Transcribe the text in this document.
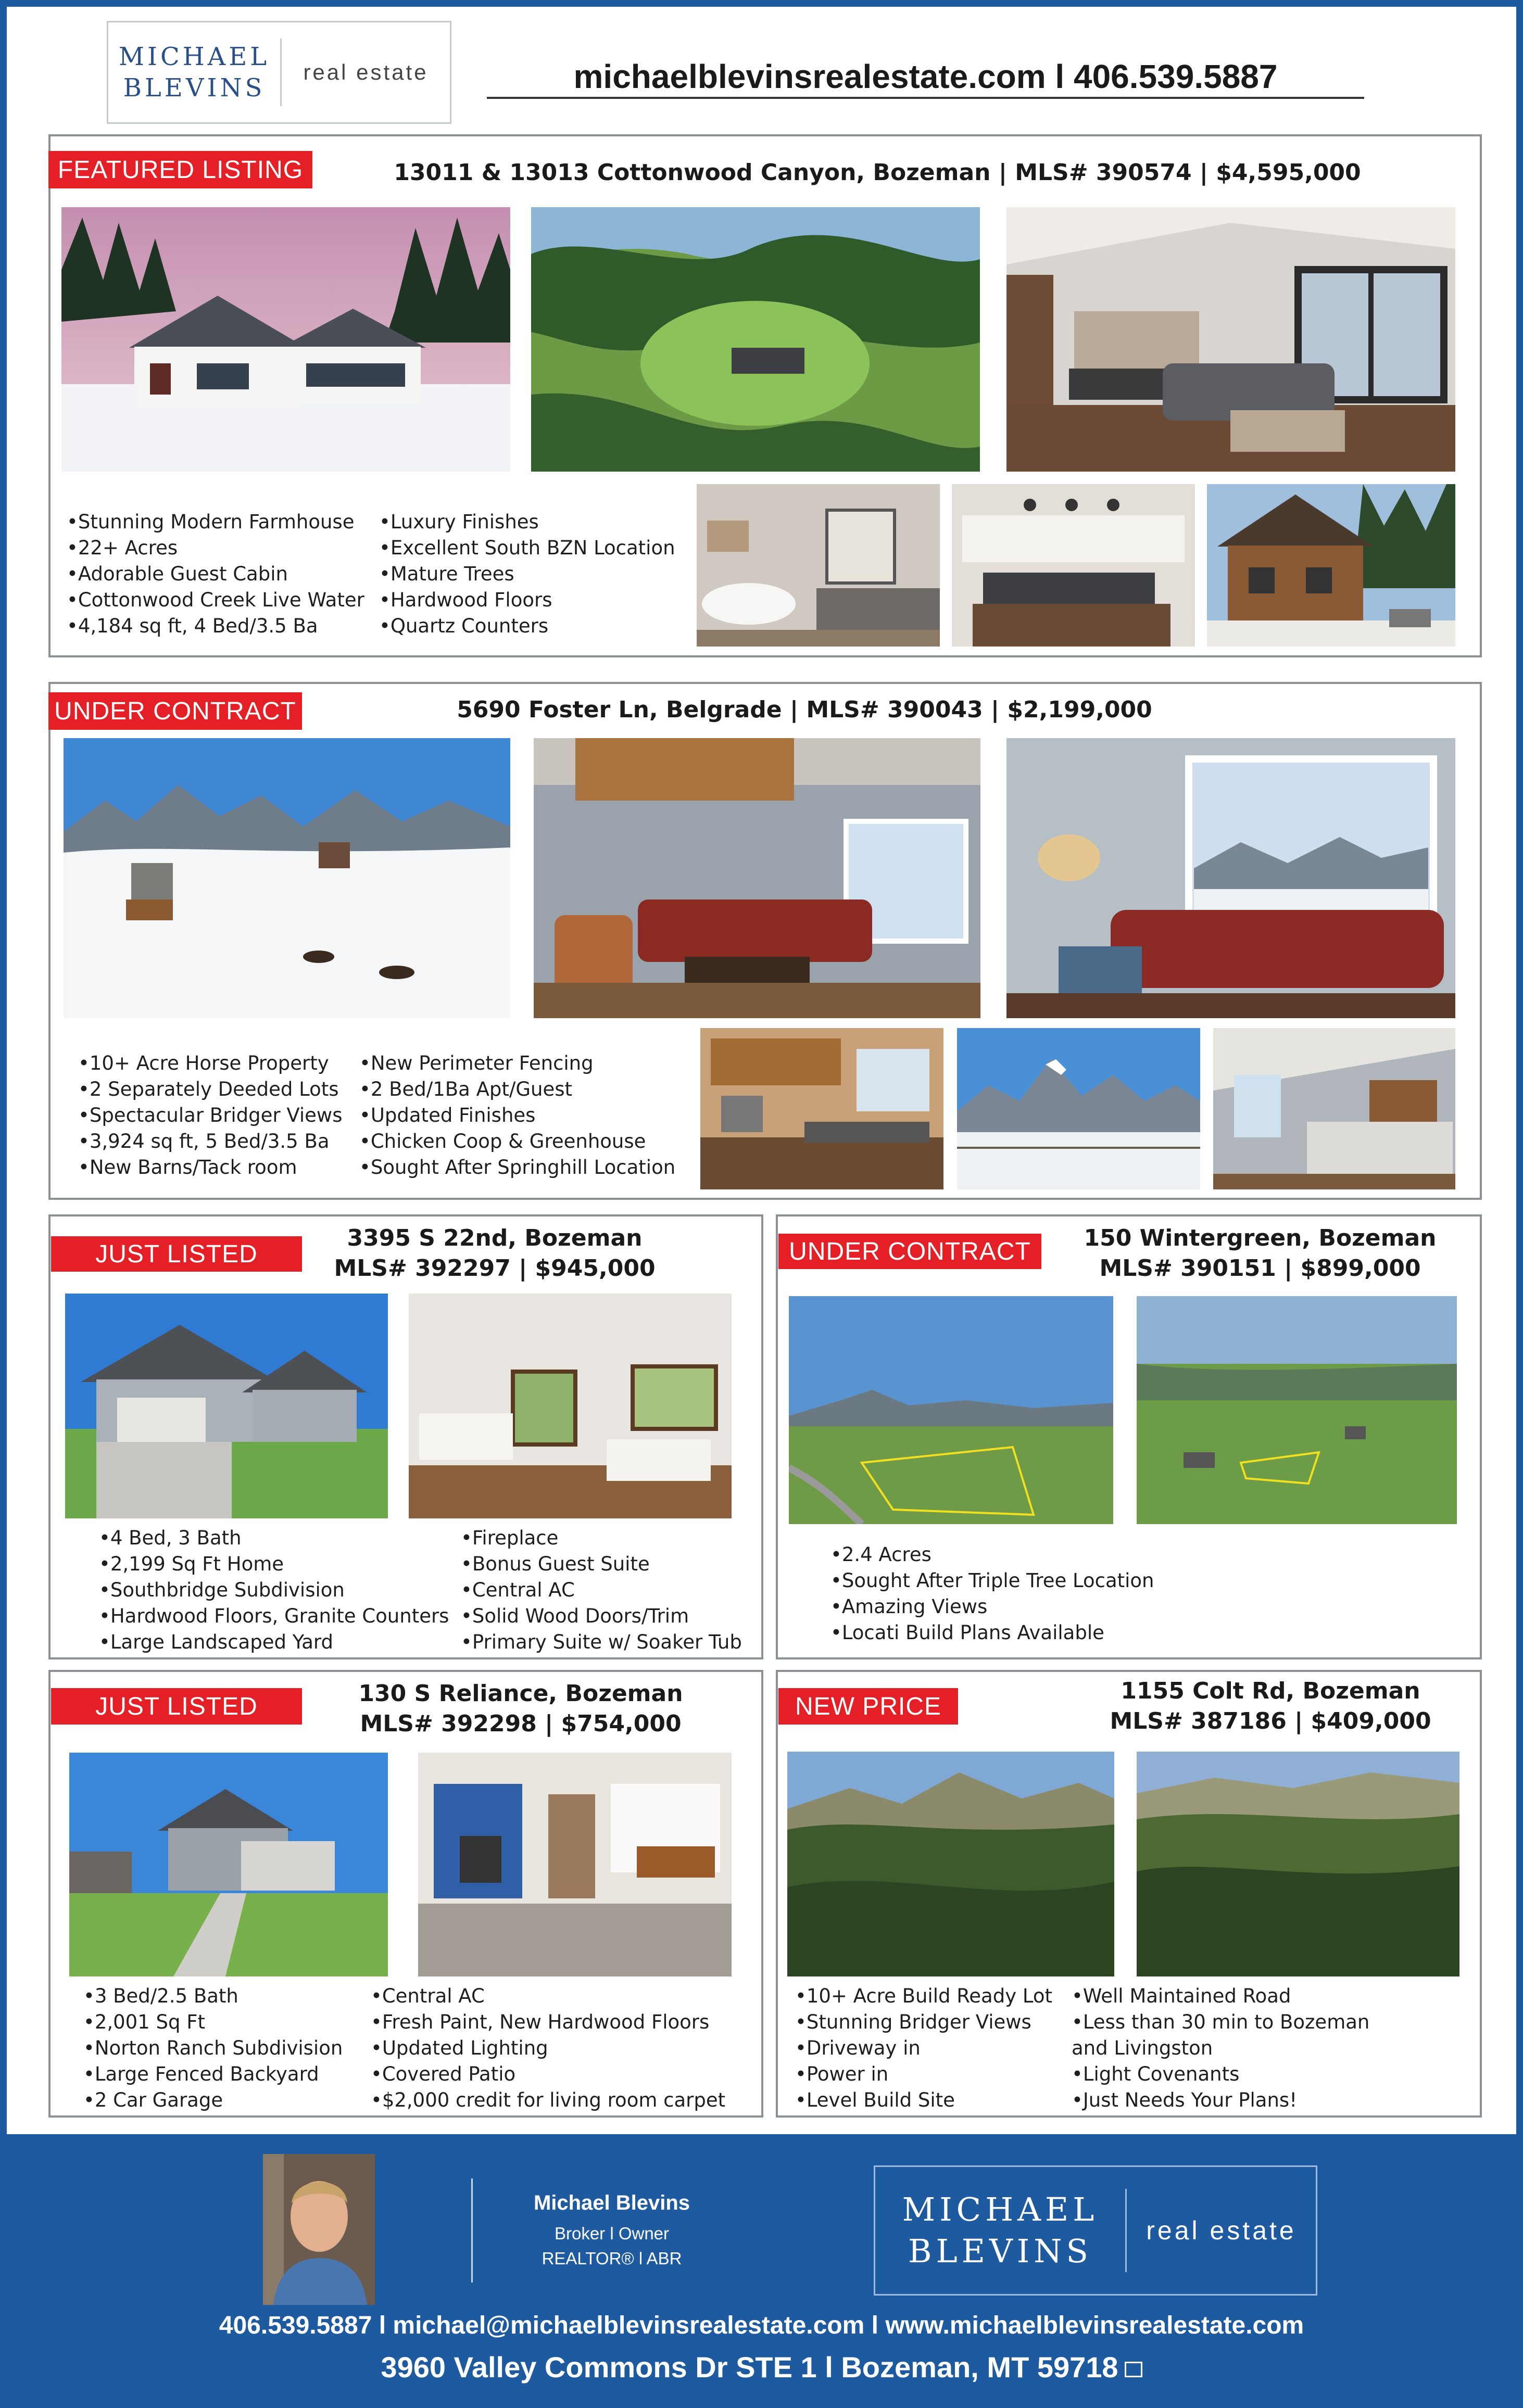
MICHAEL
BLEVINS
real estate	michaelblevinsrealestate.com l 406.539.5887
FEATURED LISTING	13011 & 13013 Cottonwood Canyon, Bozeman | MLS# 390574 | $4,595,000
• Stunning Modern Farmhouse
• 22+ Acres
• Adorable Guest Cabin
• Cottonwood Creek Live Water
• 4,184 sq ft, 4 Bed/3.5 Ba
• Luxury Finishes
• Excellent South BZN Location
• Mature Trees
• Hardwood Floors
• Quartz Counters
UNDER CONTRACT	5690 Foster Ln, Belgrade | MLS# 390043 | $2,199,000
• 10+ Acre Horse Property
• 2 Separately Deeded Lots
• Spectacular Bridger Views
• 3,924 sq ft, 5 Bed/3.5 Ba
• New Barns/Tack room
• New Perimeter Fencing
• 2 Bed/1Ba Apt/Guest
• Updated Finishes
• Chicken Coop & Greenhouse
• Sought After Springhill Location
JUST LISTED
3395 S 22nd, Bozeman
MLS# 392297 | $945,000
• 4 Bed, 3 Bath
• 2,199 Sq Ft Home
• Southbridge Subdivision
• Hardwood Floors, Granite Counters
• Large Landscaped Yard
• Fireplace
• Bonus Guest Suite
• Central AC
• Solid Wood Doors/Trim
• Primary Suite w/ Soaker Tub
UNDER CONTRACT	150 Wintergreen, Bozeman
MLS# 390151 | $899,000
• 2.4 Acres
• Sought After Triple Tree Location
• Amazing Views
• Locati Build Plans Available
JUST LISTED	130 S Reliance, Bozeman
MLS# 392298 | $754,000
• 3 Bed/2.5 Bath
• 2,001 Sq Ft
• Norton Ranch Subdivision
• Large Fenced Backyard
• 2 Car Garage
• Central AC
• Fresh Paint, New Hardwood Floors
• Updated Lighting
• Covered Patio
• $2,000 credit for living room carpet
NEW PRICE
1155 Colt Rd, Bozeman
MLS# 387186 | $409,000
• 10+ Acre Build Ready Lot
• Stunning Bridger Views
• Driveway in
• Power in
• Level Build Site
• Well Maintained Road
• Less than 30 min to Bozeman
and Livingston
• Light Covenants
• Just Needs Your Plans!
Michael Blevins
Broker l Owner
REALTOR® l ABR
MICHAEL
BLEVINS
real estate
406.539.5887 l michael@michaelblevinsrealestate.com l www.michaelblevinsrealestate.com
3960 Valley Commons Dr STE 1 l Bozeman, MT 59718
